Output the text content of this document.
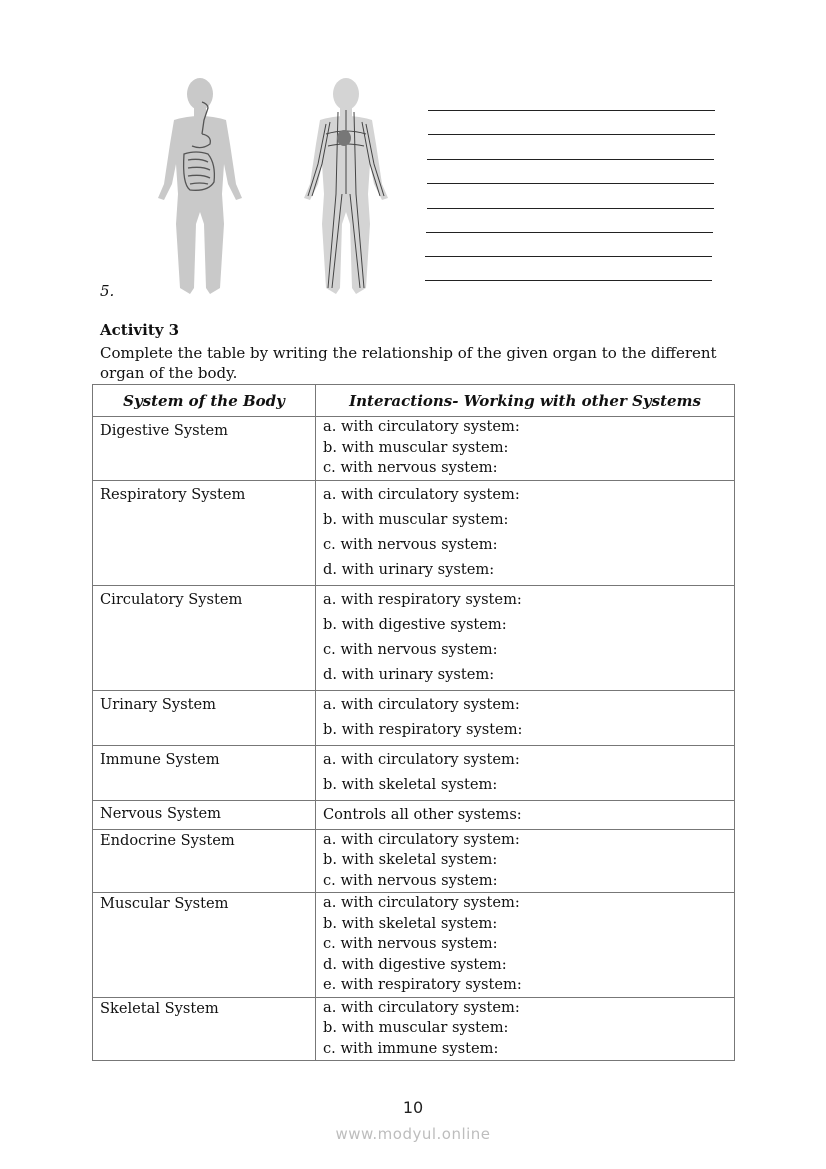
5.
Activity 3
Complete the table by writing the relationship of the given organ to the different organ of the body.
System of the Body	Interactions- Working with other Systems
Digestive System	a. with circulatory system:
b. with muscular system:
c. with nervous system:

Respiratory System	a. with circulatory system:
b. with muscular system:
c. with nervous system:
d. with urinary system:

Circulatory System	a. with respiratory system:
b. with digestive system:
c. with nervous system:
d. with urinary system:

Urinary System	a. with circulatory system:
b. with respiratory system:

Immune System	a. with circulatory system:
b. with skeletal system:

Nervous System	Controls all other systems:

Endocrine System	a. with circulatory system:
b. with skeletal system:
c. with nervous system:

Muscular System	a. with circulatory system:
b. with skeletal system:
c. with nervous system:
d. with digestive system:
e. with respiratory system:

Skeletal System	a. with circulatory system:
b. with muscular system:
c. with immune system:
10
www.modyul.online
